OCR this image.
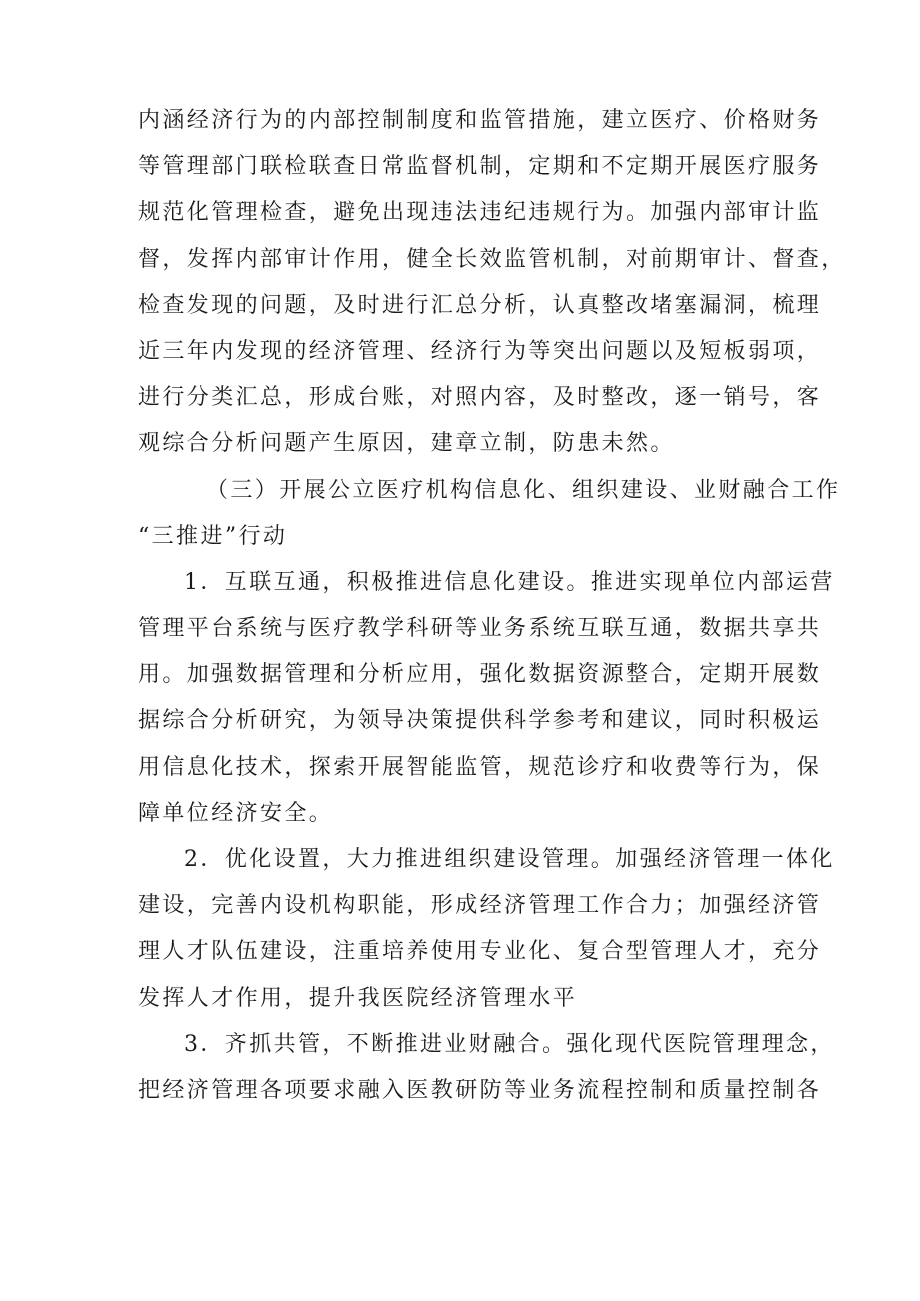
内涵经济行为的内部控制制度和监管措施，建立医疗、价格财务
等管理部门联检联查日常监督机制，定期和不定期开展医疗服务
规范化管理检查，避免出现违法违纪违规行为。加强内部审计监
督，发挥内部审计作用，健全长效监管机制，对前期审计、督查，
检查发现的问题，及时进行汇总分析，认真整改堵塞漏洞，梳理
近三年内发现的经济管理、经济行为等突出问题以及短板弱项，
进行分类汇总，形成台账，对照内容，及时整改，逐一销号，客
观综合分析问题产生原因，建章立制，防患未然。
（三）开展公立医疗机构信息化、组织建设、业财融合工作
“三推进”行动
1．互联互通，积极推进信息化建设。推进实现单位内部运营
管理平台系统与医疗教学科研等业务系统互联互通，数据共享共
用。加强数据管理和分析应用，强化数据资源整合，定期开展数
据综合分析研究，为领导决策提供科学参考和建议，同时积极运
用信息化技术，探索开展智能监管，规范诊疗和收费等行为，保
障单位经济安全。
2．优化设置，大力推进组织建设管理。加强经济管理一体化
建设，完善内设机构职能，形成经济管理工作合力；加强经济管
理人才队伍建设，注重培养使用专业化、复合型管理人才，充分
发挥人才作用，提升我医院经济管理水平
3．齐抓共管，不断推进业财融合。强化现代医院管理理念，
把经济管理各项要求融入医教研防等业务流程控制和质量控制各
